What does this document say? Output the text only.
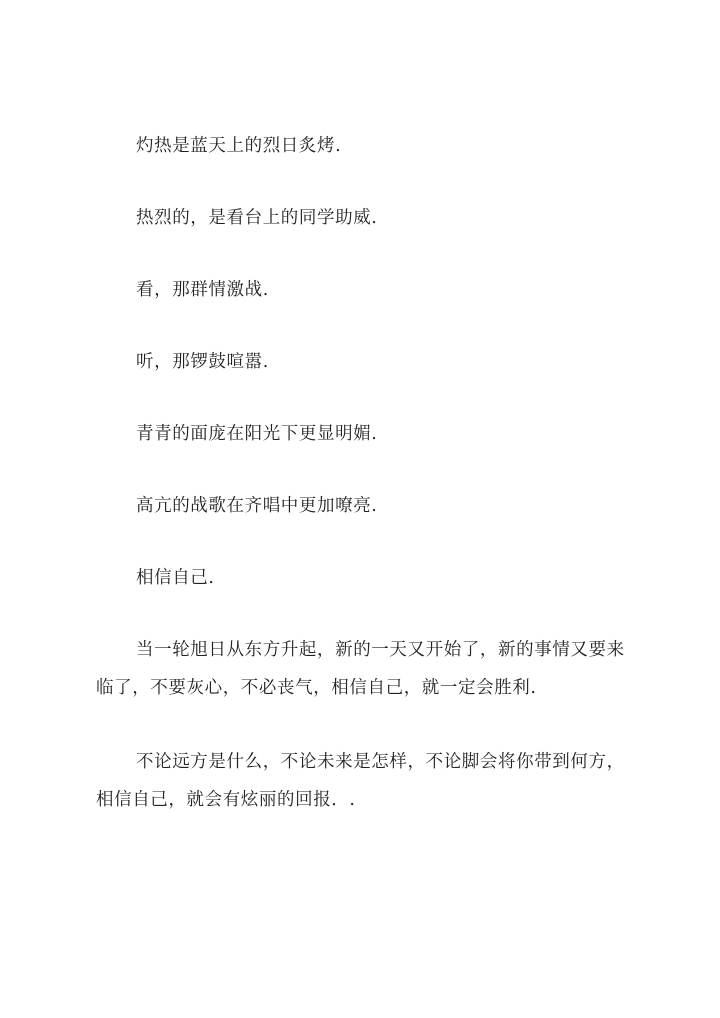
灼热是蓝天上的烈日炙烤.

热烈的，是看台上的同学助威.

看，那群情激战.

听，那锣鼓喧嚣.

青青的面庞在阳光下更显明媚.

高亢的战歌在齐唱中更加嘹亮.

相信自己.

当一轮旭日从东方升起，新的一天又开始了，新的事情又要来临了，不要灰心，不必丧气，相信自己，就一定会胜利.

不论远方是什么，不论未来是怎样，不论脚会将你带到何方，相信自己，就会有炫丽的回报．.
